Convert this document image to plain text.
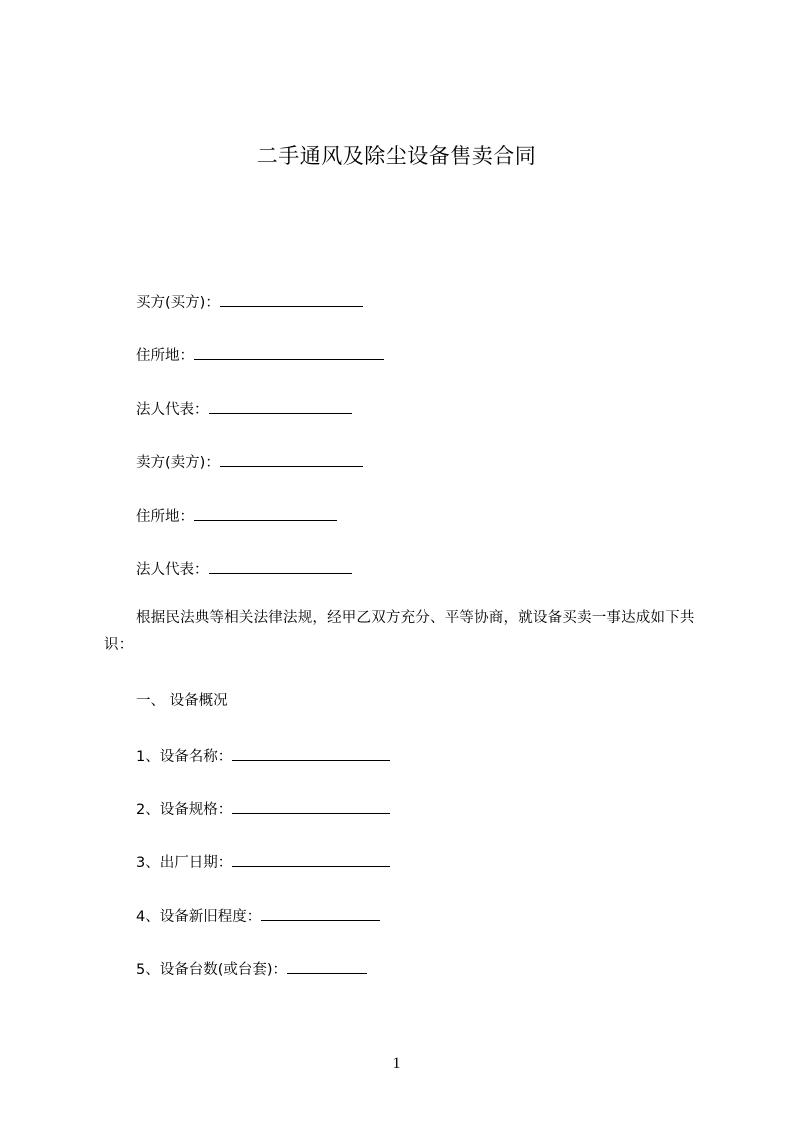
二手通风及除尘设备售卖合同
买方(买方)：
住所地：
法人代表：
卖方(卖方)：
住所地：
法人代表：
根据民法典等相关法律法规，经甲乙双方充分、平等协商，就设备买卖一事达成如下共识：
一、 设备概况
1、设备名称：
2、设备规格：
3、出厂日期：
4、设备新旧程度：
5、设备台数(或台套)：
1
